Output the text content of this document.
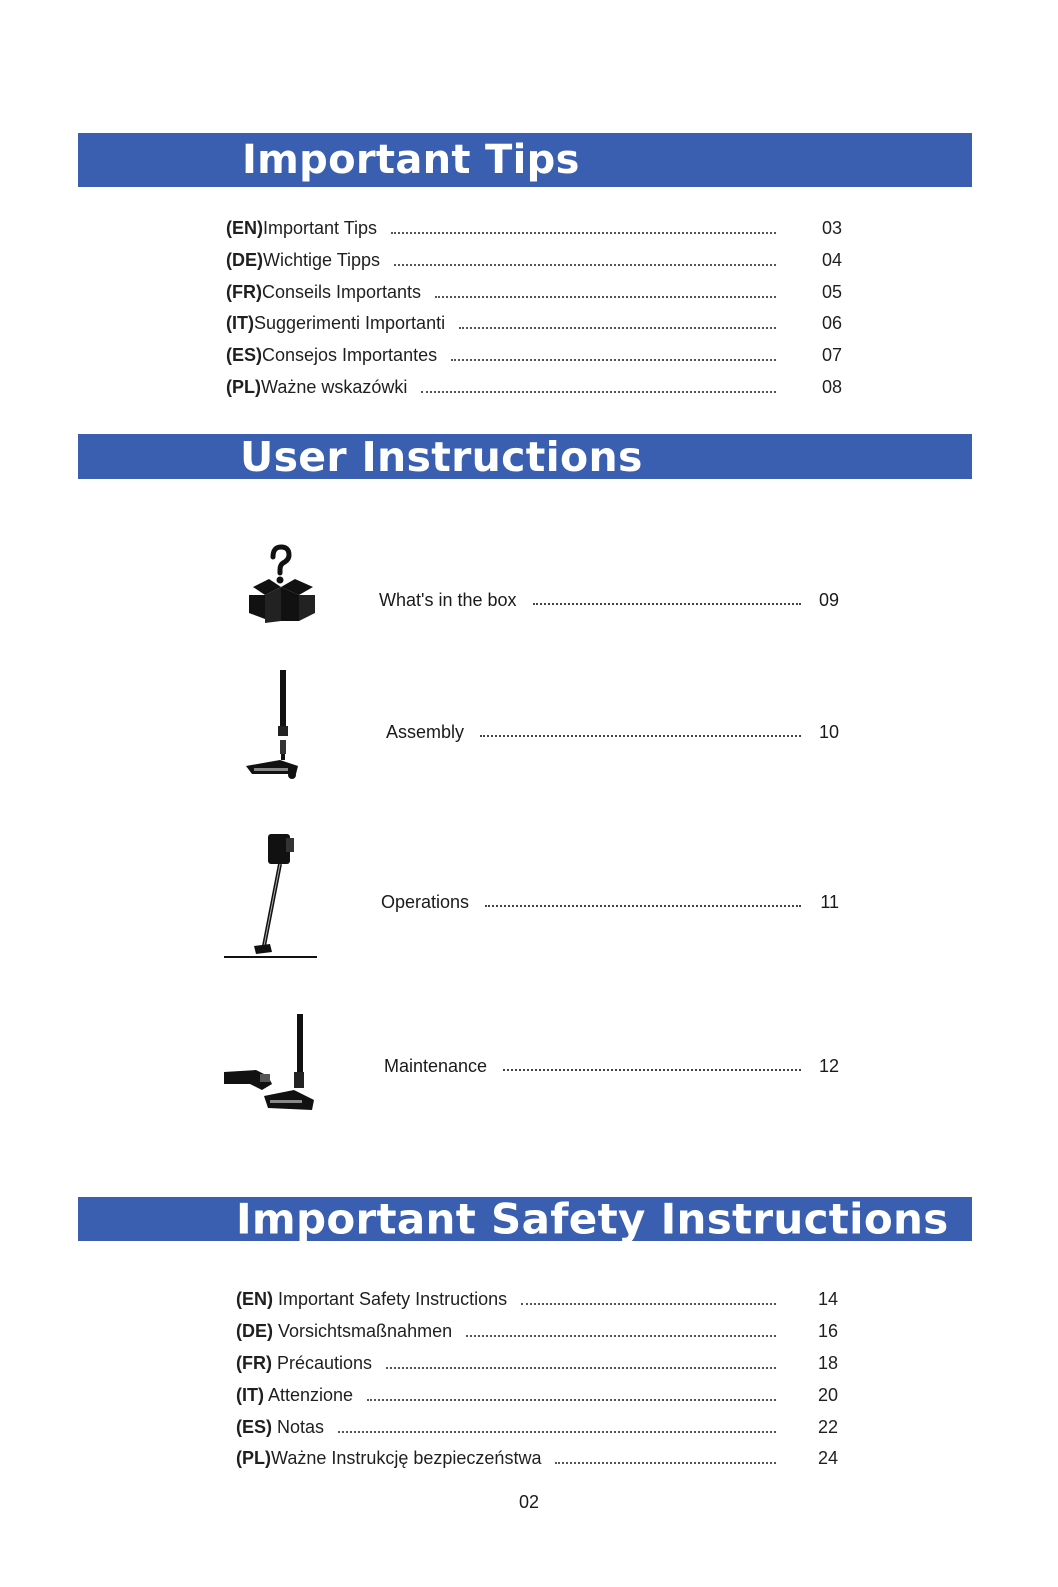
Important Tips
(EN)Important Tips	03
(DE)Wichtige Tipps	04
(FR)Conseils Importants	05
(IT)Suggerimenti Importanti	06
(ES)Consejos Importantes	07
(PL)Ważne wskazówki	08
User Instructions
What's in the box	09
Assembly	10
Operations	11
Maintenance	12
Important Safety Instructions
(EN) Important Safety Instructions	14
(DE) Vorsichtsmaßnahmen	16
(FR) Précautions	18
(IT) Attenzione	20
(ES) Notas	22
(PL)Ważne Instrukcję bezpieczeństwa	24
02
